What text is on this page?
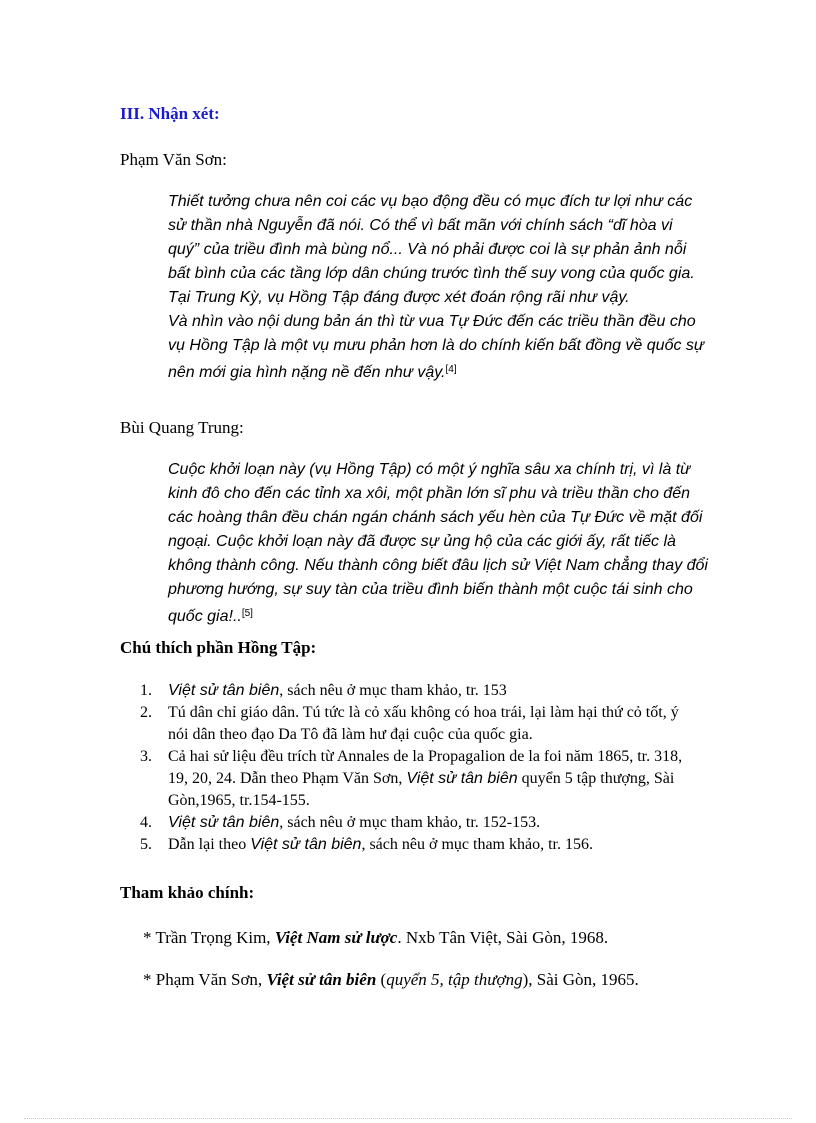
III. Nhận xét:
Phạm Văn Sơn:

Thiết tưởng chưa nên coi các vụ bạo động đều có mục đích tư lợi như các sử thần nhà Nguyễn đã nói. Có thể vì bất mãn với chính sách “dĩ hòa vi quý” của triều đình mà bùng nổ... Và nó phải được coi là sự phản ảnh nỗi bất bình của các tầng lớp dân chúng trước tình thế suy vong của quốc gia. Tại Trung Kỳ, vụ Hồng Tập đáng được xét đoán rộng rãi như vậy.

Và nhìn vào nội dung bản án thì từ vua Tự Đức đến các triều thần đều cho vụ Hồng Tập là một vụ mưu phản hơn là do chính kiến bất đồng về quốc sự nên mới gia hình nặng nề đến như vậy.[4]

Bùi Quang Trung:

Cuộc khởi loạn này (vụ Hồng Tập) có một ý nghĩa sâu xa chính trị, vì là từ kinh đô cho đến các tỉnh xa xôi, một phần lớn sĩ phu và triều thần cho đến các hoàng thân đều chán ngán chánh sách yếu hèn của Tự Đức về mặt đối ngoại. Cuộc khởi loạn này đã được sự ủng hộ của các giới ấy, rất tiếc là không thành công. Nếu thành công biết đâu lịch sử Việt Nam chẳng thay đổi phương hướng, sự suy tàn của triều đình biến thành một cuộc tái sinh cho quốc gia!..[5]

Chú thích phần Hồng Tập:
1. Việt sử tân biên, sách nêu ở mục tham khảo, tr. 153
2. Tú dân chỉ giáo dân. Tú tức là cỏ xấu không có hoa trái, lại làm hại thứ cỏ tốt, ý nói dân theo đạo Da Tô đã làm hư đại cuộc của quốc gia.
3. Cả hai sử liệu đều trích từ Annales de la Propagalion de la foi năm 1865, tr. 318, 19, 20, 24. Dẫn theo Phạm Văn Sơn, Việt sử tân biên quyển 5 tập thượng, Sài Gòn,1965, tr.154-155.
4. Việt sử tân biên, sách nêu ở mục tham khảo, tr. 152-153.
5. Dẫn lại theo Việt sử tân biên, sách nêu ở mục tham khảo, tr. 156.
Tham khảo chính:
* Trần Trọng Kim, Việt Nam sử lược. Nxb Tân Việt, Sài Gòn, 1968.
* Phạm Văn Sơn, Việt sử tân biên (quyển 5, tập thượng), Sài Gòn, 1965.
